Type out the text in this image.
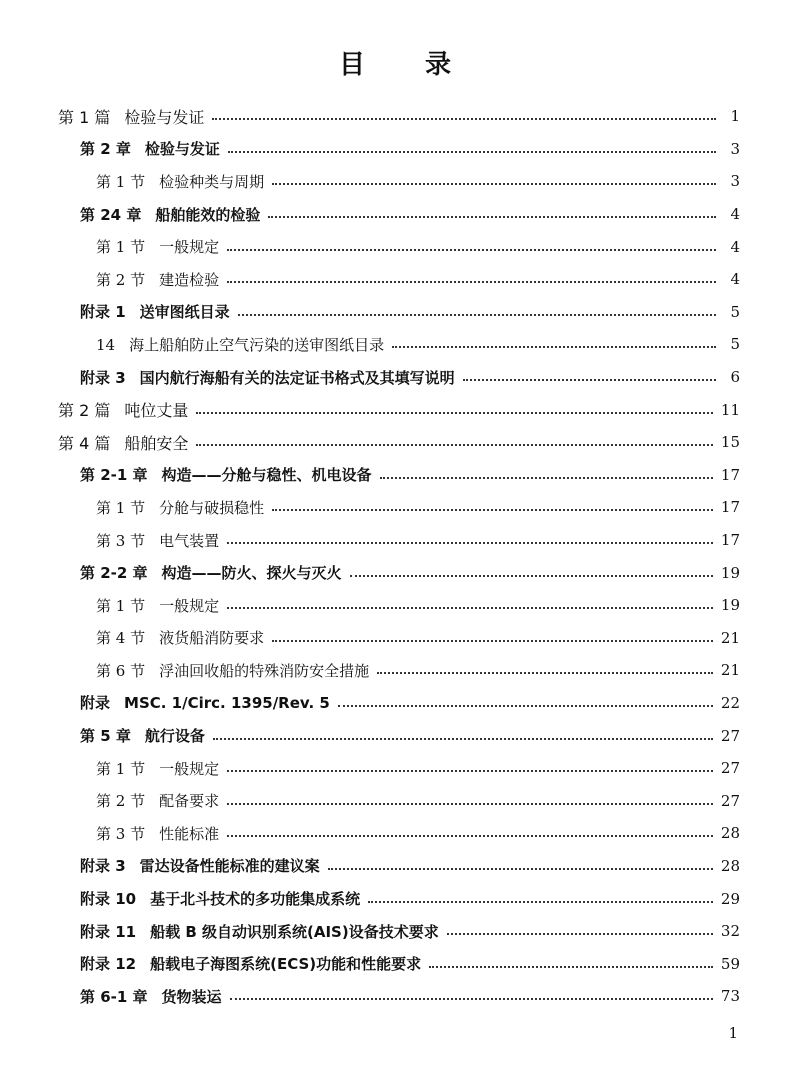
目 录
第 1 篇 检验与发证	1
第 2 章 检验与发证	3
第 1 节 检验种类与周期	3
第 24 章 船舶能效的检验	4
第 1 节 一般规定	4
第 2 节 建造检验	4
附录 1 送审图纸目录	5
14 海上船舶防止空气污染的送审图纸目录	5
附录 3 国内航行海船有关的法定证书格式及其填写说明	6
第 2 篇 吨位丈量	11
第 4 篇 船舶安全	15
第 2-1 章 构造——分舱与稳性、机电设备	17
第 1 节 分舱与破损稳性	17
第 3 节 电气装置	17
第 2-2 章 构造——防火、探火与灭火	19
第 1 节 一般规定	19
第 4 节 液货船消防要求	21
第 6 节 浮油回收船的特殊消防安全措施	21
附录 MSC. 1/Circ. 1395/Rev. 5	22
第 5 章 航行设备	27
第 1 节 一般规定	27
第 2 节 配备要求	27
第 3 节 性能标准	28
附录 3 雷达设备性能标准的建议案	28
附录 10 基于北斗技术的多功能集成系统	29
附录 11 船载 B 级自动识别系统(AIS)设备技术要求	32
附录 12 船载电子海图系统(ECS)功能和性能要求	59
第 6-1 章 货物装运	73
1
